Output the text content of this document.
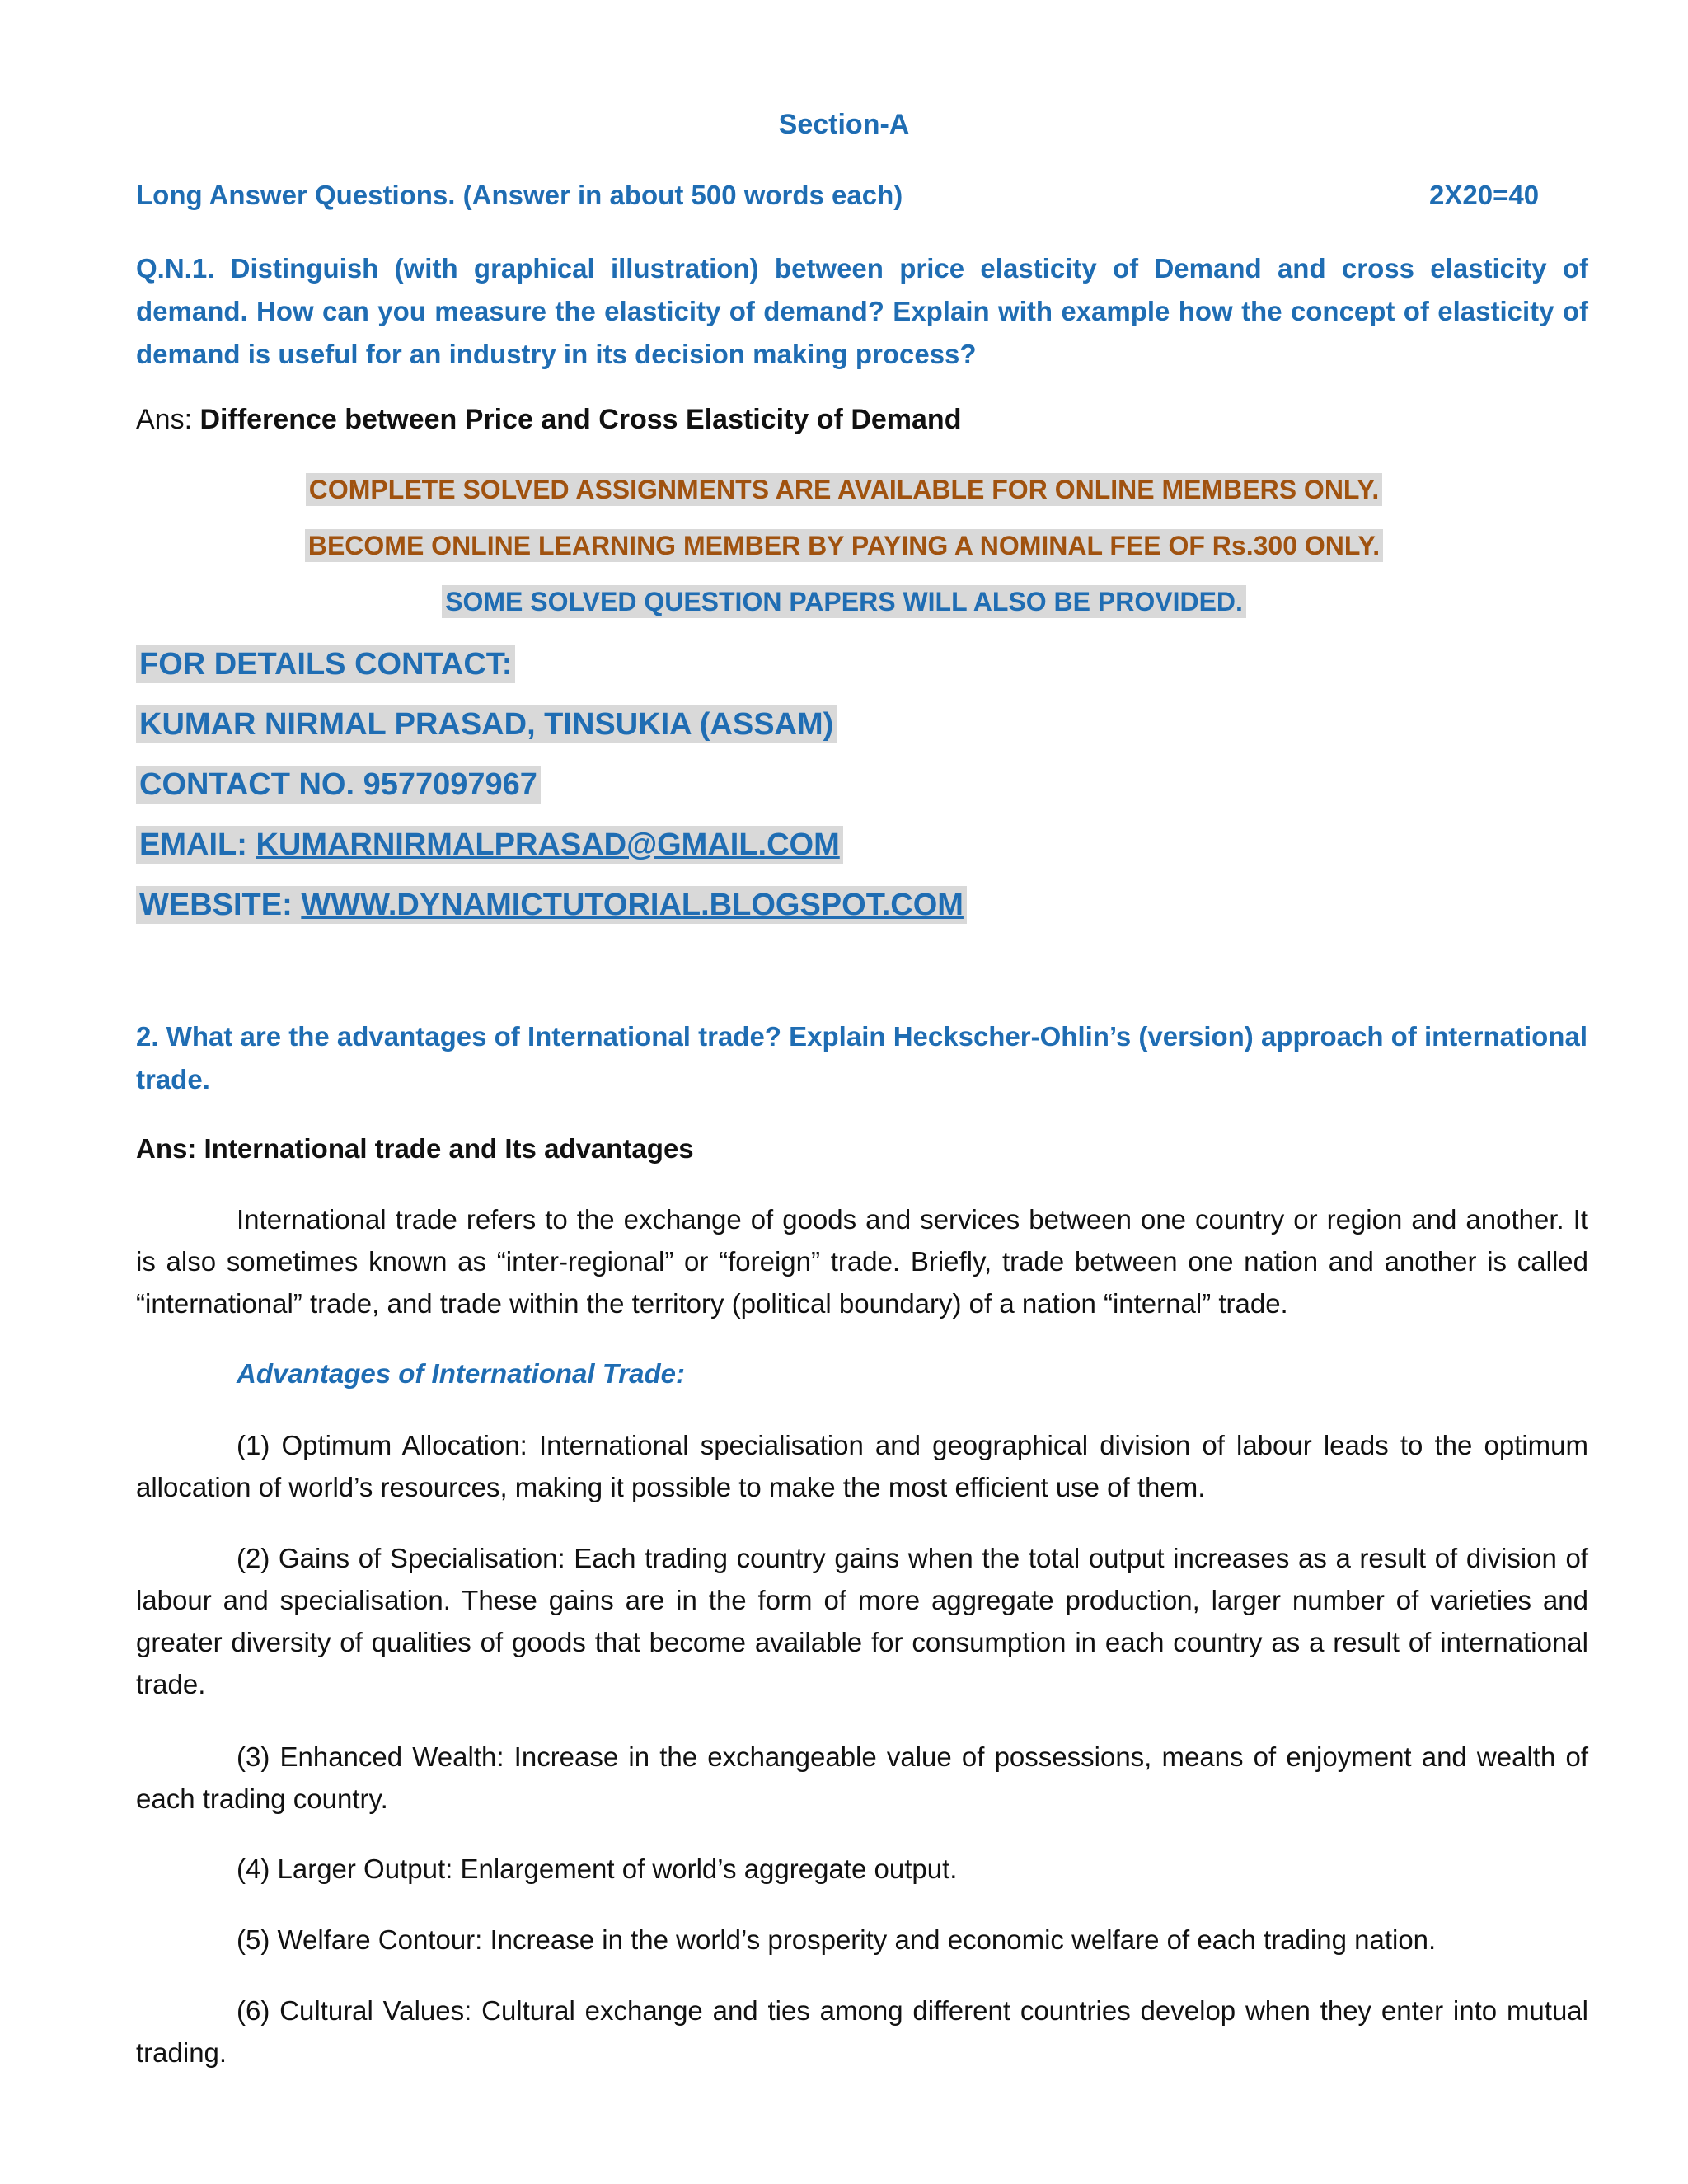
Section-A
Long Answer Questions. (Answer in about 500 words each)	2X20=40
Q.N.1. Distinguish (with graphical illustration) between price elasticity of Demand and cross elasticity of demand. How can you measure the elasticity of demand? Explain with example how the concept of elasticity of demand is useful for an industry in its decision making process?
Ans: Difference between Price and Cross Elasticity of Demand
COMPLETE SOLVED ASSIGNMENTS ARE AVAILABLE FOR ONLINE MEMBERS ONLY.
BECOME ONLINE LEARNING MEMBER BY PAYING A NOMINAL FEE OF Rs.300 ONLY.
SOME SOLVED QUESTION PAPERS WILL ALSO BE PROVIDED.
FOR DETAILS CONTACT:
KUMAR NIRMAL PRASAD, TINSUKIA (ASSAM)
CONTACT NO. 9577097967
EMAIL: KUMARNIRMALPRASAD@GMAIL.COM
WEBSITE: WWW.DYNAMICTUTORIAL.BLOGSPOT.COM
2. What are the advantages of International trade? Explain Heckscher-Ohlin’s (version) approach of international trade.
Ans: International trade and Its advantages
International trade refers to the exchange of goods and services between one country or region and another. It is also sometimes known as “inter-regional” or “foreign” trade. Briefly, trade between one nation and another is called “international” trade, and trade within the territory (political boundary) of a nation “internal” trade.
Advantages of International Trade:
(1) Optimum Allocation: International specialisation and geographical division of labour leads to the optimum allocation of world’s resources, making it possible to make the most efficient use of them.
(2) Gains of Specialisation: Each trading country gains when the total output increases as a result of division of labour and specialisation. These gains are in the form of more aggregate production, larger number of varieties and greater diversity of qualities of goods that become available for consumption in each country as a result of international trade.
(3) Enhanced Wealth: Increase in the exchangeable value of possessions, means of enjoyment and wealth of each trading country.
(4) Larger Output: Enlargement of world’s aggregate output.
(5) Welfare Contour: Increase in the world’s prosperity and economic welfare of each trading nation.
(6) Cultural Values: Cultural exchange and ties among different countries develop when they enter into mutual trading.
